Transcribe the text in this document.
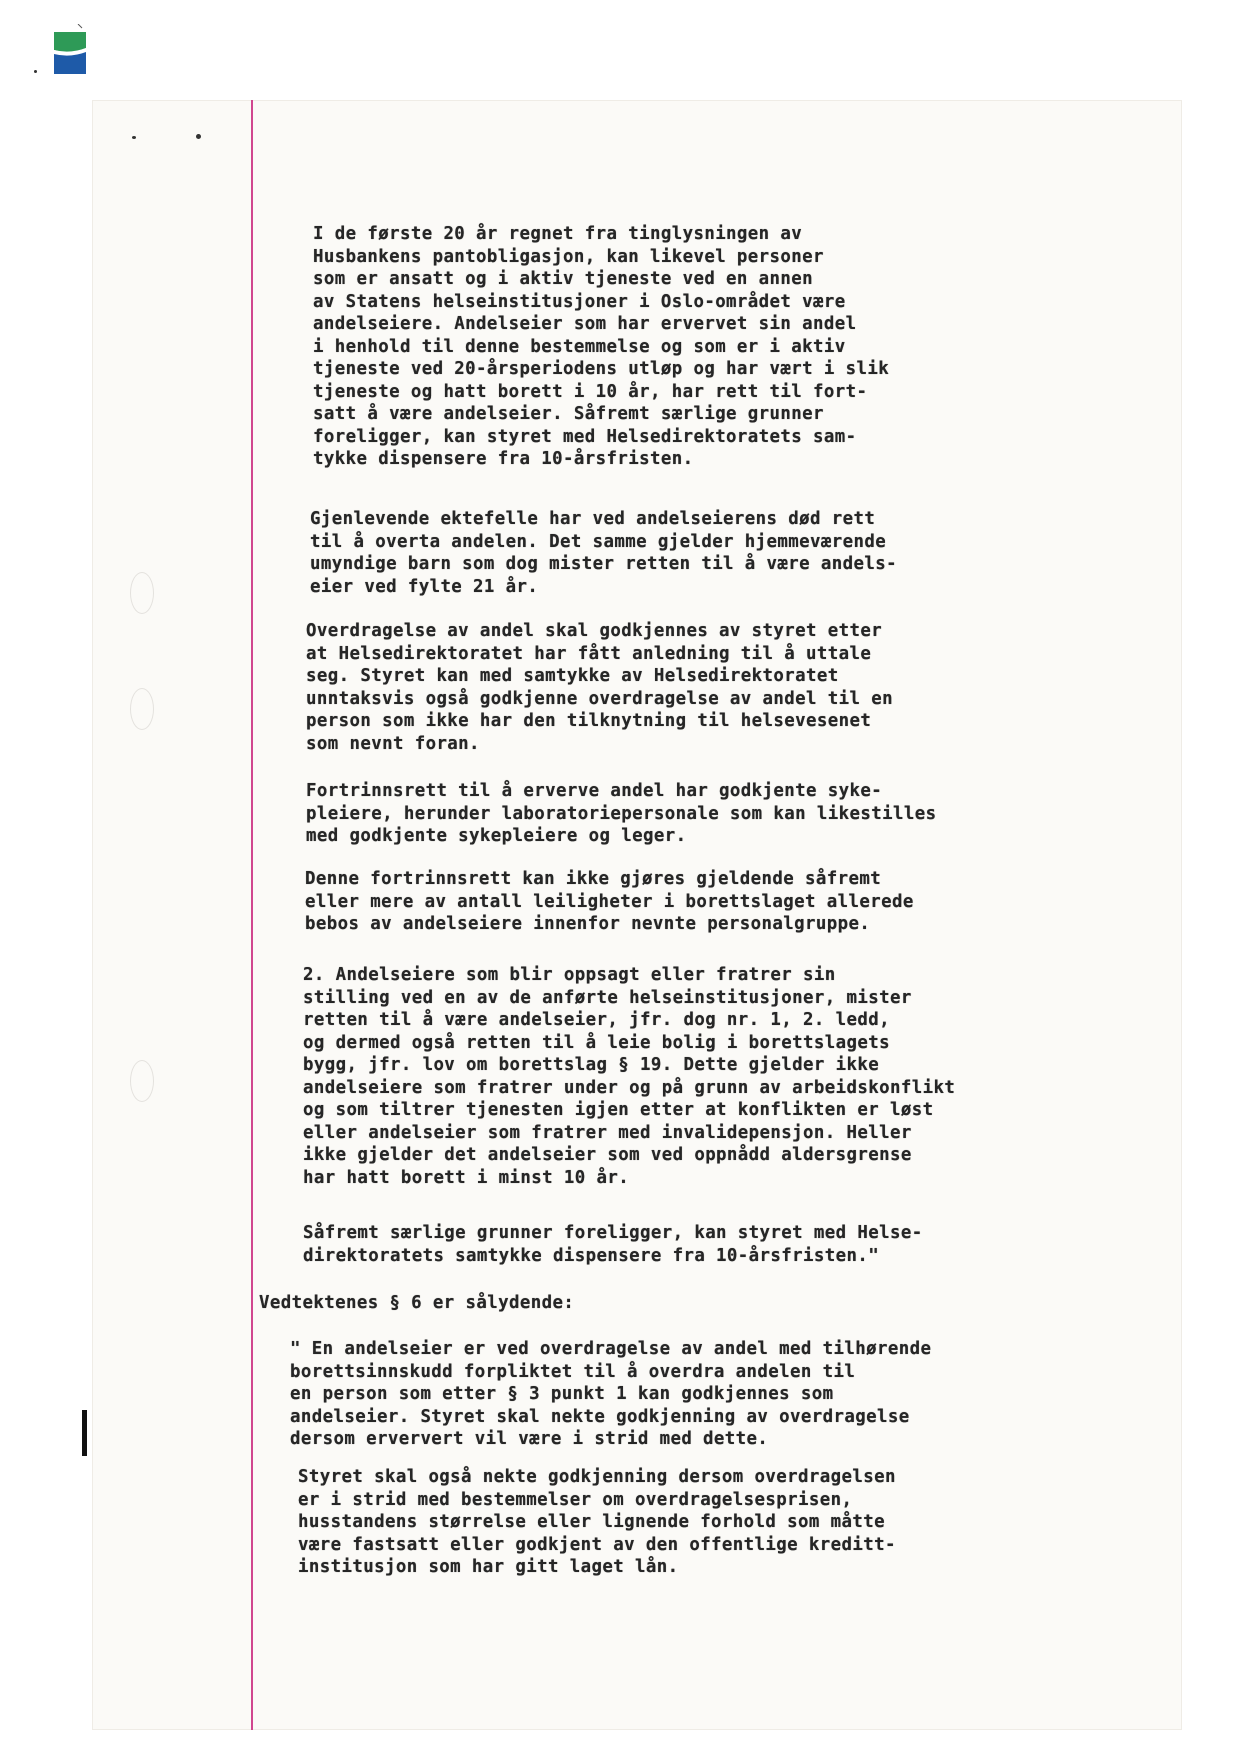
I de første 20 år regnet fra tinglysningen av
Husbankens pantobligasjon, kan likevel personer
som er ansatt og i aktiv tjeneste ved en annen
av Statens helseinstitusjoner i Oslo-området være
andelseiere. Andelseier som har ervervet sin andel
i henhold til denne bestemmelse og som er i aktiv
tjeneste ved 20-årsperiodens utløp og har vært i slik
tjeneste og hatt borett i 10 år, har rett til fort-
satt å være andelseier. Såfremt særlige grunner
foreligger, kan styret med Helsedirektoratets sam-
tykke dispensere fra 10-årsfristen.
Gjenlevende ektefelle har ved andelseierens død rett
til å overta andelen. Det samme gjelder hjemmeværende
umyndige barn som dog mister retten til å være andels-
eier ved fylte 21 år.
Overdragelse av andel skal godkjennes av styret etter
at Helsedirektoratet har fått anledning til å uttale
seg. Styret kan med samtykke av Helsedirektoratet
unntaksvis også godkjenne overdragelse av andel til en
person som ikke har den tilknytning til helsevesenet
som nevnt foran.
Fortrinnsrett til å erverve andel har godkjente syke-
pleiere, herunder laboratoriepersonale som kan likestilles
med godkjente sykepleiere og leger.
Denne fortrinnsrett kan ikke gjøres gjeldende såfremt
eller mere av antall leiligheter i borettslaget allerede
bebos av andelseiere innenfor nevnte personalgruppe.
2. Andelseiere som blir oppsagt eller fratrer sin
stilling ved en av de anførte helseinstitusjoner, mister
retten til å være andelseier, jfr. dog nr. 1, 2. ledd,
og dermed også retten til å leie bolig i borettslagets
bygg, jfr. lov om borettslag § 19. Dette gjelder ikke
andelseiere som fratrer under og på grunn av arbeidskonflikt
og som tiltrer tjenesten igjen etter at konflikten er løst
eller andelseier som fratrer med invalidepensjon. Heller
ikke gjelder det andelseier som ved oppnådd aldersgrense
har hatt borett i minst 10 år.
Såfremt særlige grunner foreligger, kan styret med Helse-
direktoratets samtykke dispensere fra 10-årsfristen."
Vedtektenes § 6 er sålydende:
" En andelseier er ved overdragelse av andel med tilhørende
borettsinnskudd forpliktet til å overdra andelen til
en person som etter § 3 punkt 1 kan godkjennes som
andelseier. Styret skal nekte godkjenning av overdragelse
dersom erververt vil være i strid med dette.
Styret skal også nekte godkjenning dersom overdragelsen
er i strid med bestemmelser om overdragelsesprisen,
husstandens størrelse eller lignende forhold som måtte
være fastsatt eller godkjent av den offentlige kreditt-
institusjon som har gitt laget lån.
